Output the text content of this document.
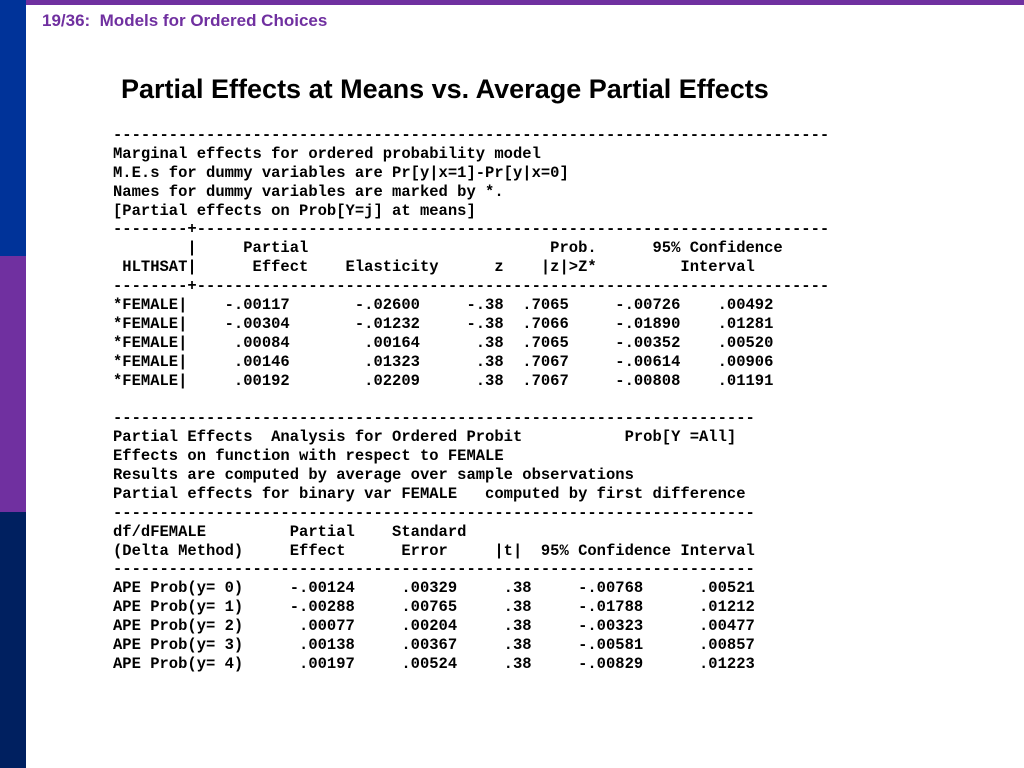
19/36:  Models for Ordered Choices
Partial Effects at Means vs. Average Partial Effects
-----------------------------------------------------------------------------
Marginal effects for ordered probability model
M.E.s for dummy variables are Pr[y|x=1]-Pr[y|x=0]
Names for dummy variables are marked by *.
[Partial effects on Prob[Y=j] at means]
--------+--------------------------------------------------------------------
|     Partial                          Prob.      95% Confidence
HLTHSAT|      Effect    Elasticity      z    |z|>Z*         Interval
--------+--------------------------------------------------------------------
*FEMALE|    -.00117       -.02600     -.38  .7065     -.00726    .00492
*FEMALE|    -.00304       -.01232     -.38  .7066     -.01890    .01281
*FEMALE|     .00084        .00164      .38  .7065     -.00352    .00520
*FEMALE|     .00146        .01323      .38  .7067     -.00614    .00906
*FEMALE|     .00192        .02209      .38  .7067     -.00808    .01191
---------------------------------------------------------------------
Partial Effects  Analysis for Ordered Probit           Prob[Y =All]
Effects on function with respect to FEMALE
Results are computed by average over sample observations
Partial effects for binary var FEMALE   computed by first difference
---------------------------------------------------------------------
df/dFEMALE         Partial    Standard
(Delta Method)     Effect      Error     |t|  95% Confidence Interval
---------------------------------------------------------------------
APE Prob(y= 0)     -.00124     .00329     .38     -.00768      .00521
APE Prob(y= 1)     -.00288     .00765     .38     -.01788      .01212
APE Prob(y= 2)      .00077     .00204     .38     -.00323      .00477
APE Prob(y= 3)      .00138     .00367     .38     -.00581      .00857
APE Prob(y= 4)      .00197     .00524     .38     -.00829      .01223
